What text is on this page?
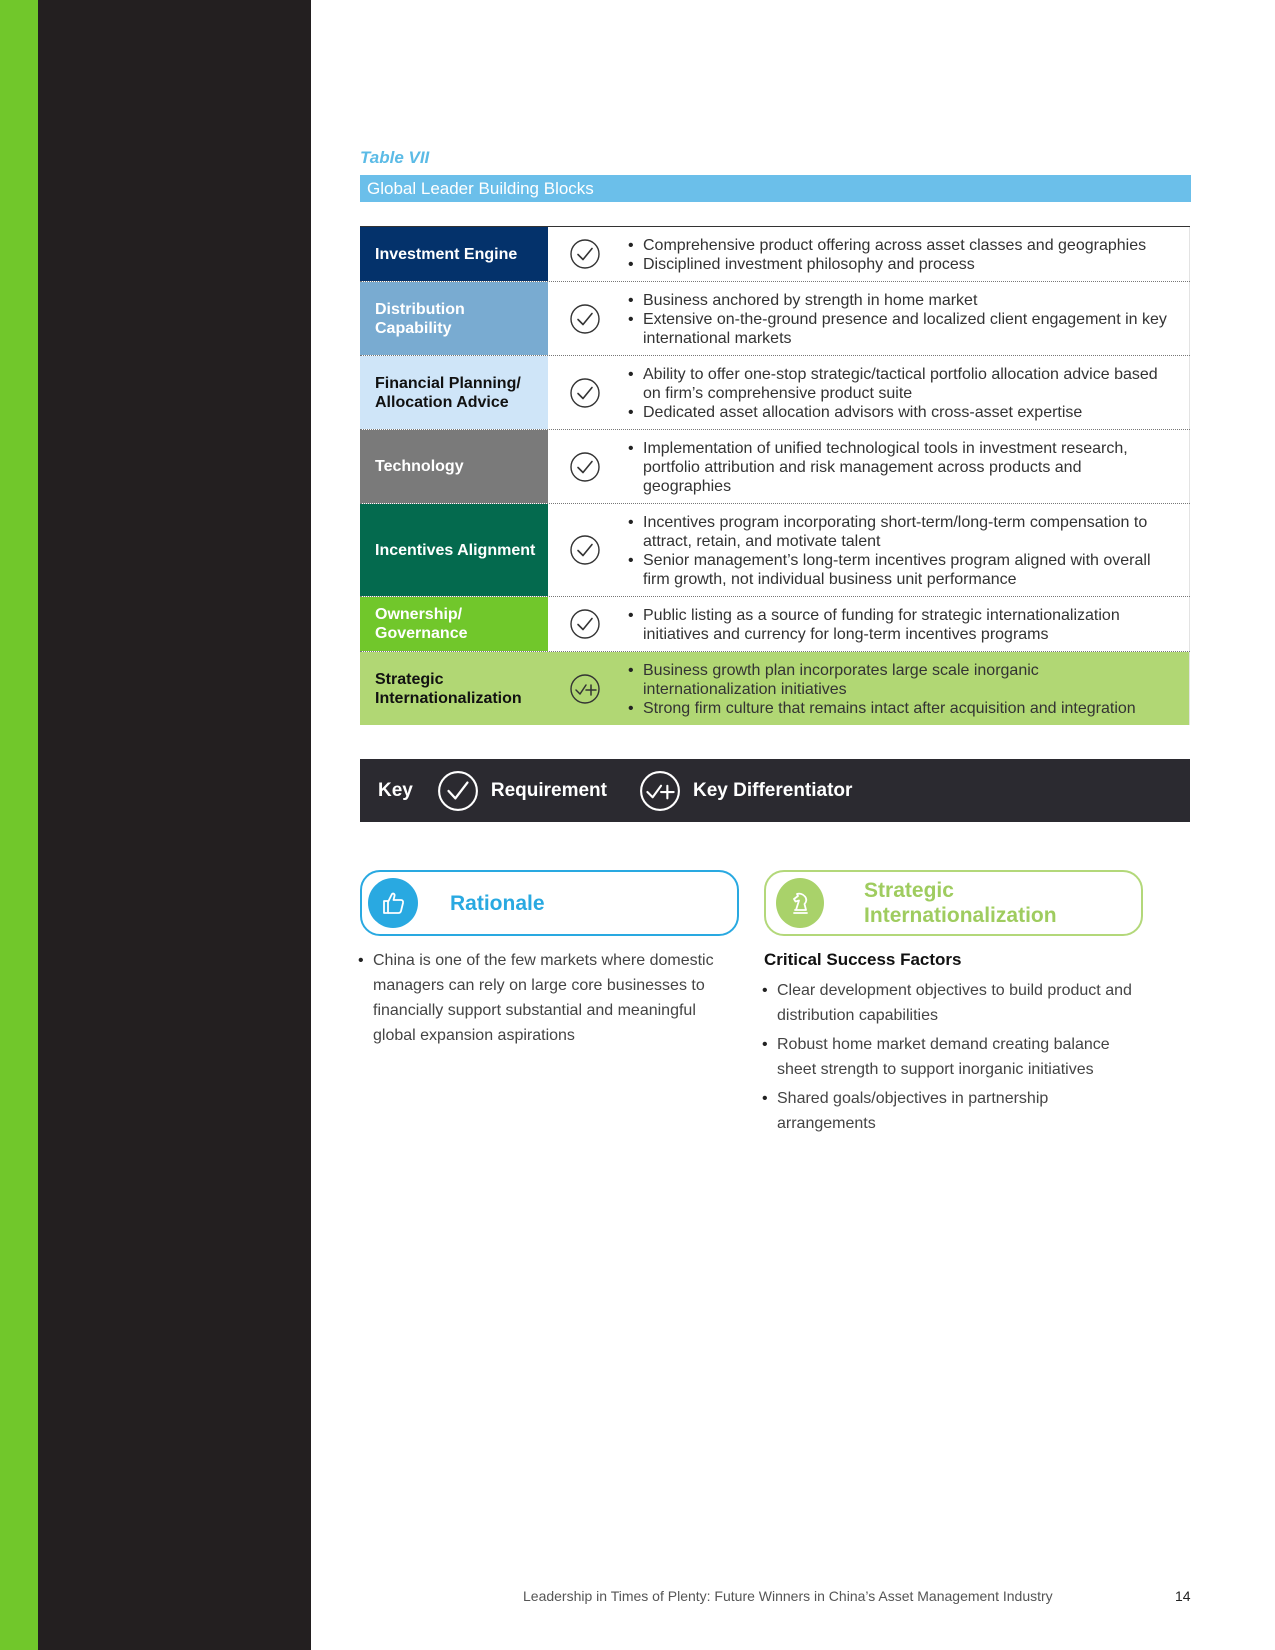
Table VII
Global Leader Building Blocks
Investment Engine
•	Comprehensive product offering across asset classes and geographies
• Disciplined investment philosophy and process
Distribution Capability
• Business anchored by strength in home market
• Extensive on-the-ground presence and localized client engagement in key international markets
Financial Planning/ Allocation Advice
• Ability to offer one-stop strategic/tactical portfolio allocation advice based on firm’s comprehensive product suite
• Dedicated asset allocation advisors with cross-asset expertise
Technology
• Implementation of unified technological tools in investment research, portfolio attribution and risk management across products and geographies
Incentives Alignment
• Incentives program incorporating short-term/long-term compensation to attract, retain, and motivate talent
• Senior management’s long-term incentives program aligned with overall firm growth, not individual business unit performance
Ownership/ Governance
• Public listing as a source of funding for strategic internationalization initiatives and currency for long-term incentives programs
Strategic Internationalization
• Business growth plan incorporates large scale inorganic internationalization initiatives
• Strong firm culture that remains intact after acquisition and integration
Key	Requirement	Key Differentiator
Rationale
Strategic Internationalization
• China is one of the few markets where domestic managers can rely on large core businesses to financially support substantial and meaningful global expansion aspirations
Critical Success Factors
• Clear development objectives to build product and distribution capabilities
• Robust home market demand creating balance sheet strength to support inorganic initiatives
• Shared goals/objectives in partnership arrangements
Leadership in Times of Plenty: Future Winners in China’s Asset Management Industry	14
